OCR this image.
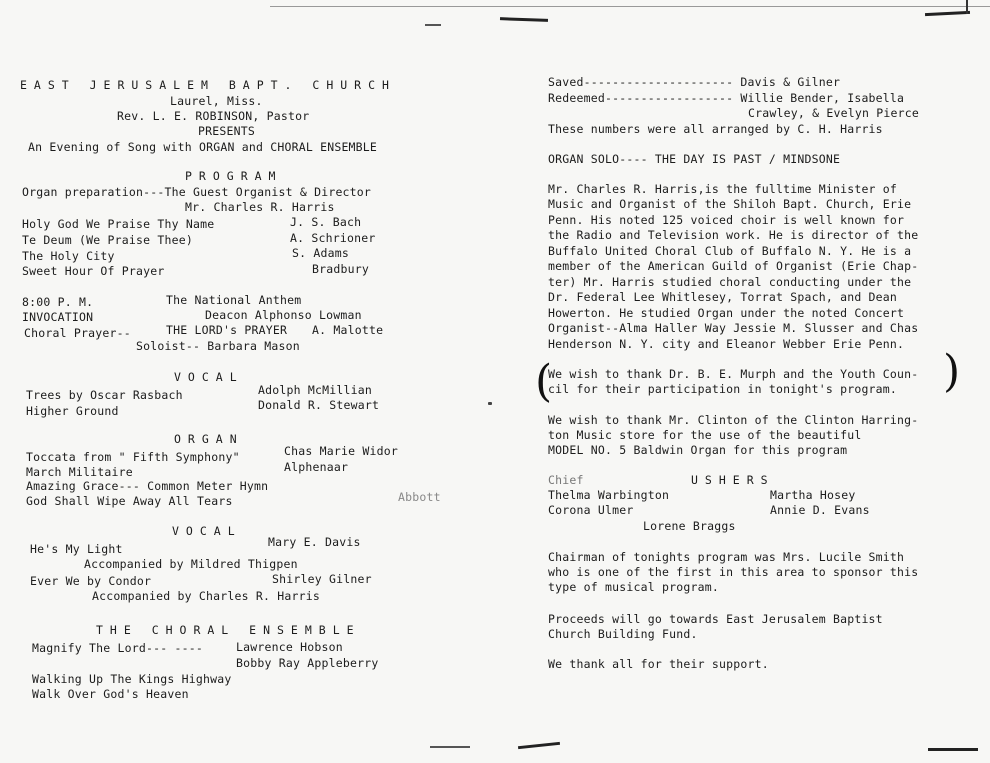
EAST JERUSALEM BAPT. CHURCH
Laurel, Miss.
Rev. L. E. ROBINSON, Pastor
PRESENTS
An Evening of Song with ORGAN and CHORAL ENSEMBLE
PROGRAM
Organ preparation---The Guest Organist & Director
Mr. Charles R. Harris
Holy God We Praise Thy Name	J. S. Bach
Te Deum (We Praise Thee)	A. Schrioner
The Holy City	S. Adams
Sweet Hour Of Prayer	Bradbury
8:00 P. M.	The National Anthem
INVOCATION	Deacon Alphonso Lowman
Choral Prayer--	THE LORD's PRAYER A. Malotte
Soloist-- Barbara Mason
VOCAL
Trees by Oscar Rasbach	Adolph McMillian
Higher Ground	Donald R. Stewart
ORGAN
Toccata from " Fifth Symphony"	Chas Marie Widor
March Militaire	Alphenaar
Amazing Grace--- Common Meter Hymn
God Shall Wipe Away All Tears	Abbott
VOCAL
Mary E. Davis
He's My Light
Accompanied by Mildred Thigpen
Ever We by Condor	Shirley Gilner
Accompanied by Charles R. Harris
THE CHORAL ENSEMBLE
Magnify The Lord--- ----	Lawrence Hobson
Bobby Ray Appleberry
Walking Up The Kings Highway
Walk Over God's Heaven
Saved--------------------- Davis & Gilner
Redeemed------------------ Willie Bender, Isabella
Crawley, & Evelyn Pierce
These numbers were all arranged by C. H. Harris
ORGAN SOLO---- THE DAY IS PAST / MINDSONE
Mr. Charles R. Harris,is the fulltime Minister of
Music and Organist of the Shiloh Bapt. Church, Erie
Penn. His noted 125 voiced choir is well known for
the Radio and Television work. He is director of the
Buffalo United Choral Club of Buffalo N. Y. He is a
member of the American Guild of Organist (Erie Chap-
ter) Mr. Harris studied choral conducting under the
Dr. Federal Lee Whitlesey, Torrat Spach, and Dean
Howerton. He studied Organ under the noted Concert
Organist--Alma Haller Way Jessie M. Slusser and Chas
Henderson N. Y. city and Eleanor Webber Erie Penn.
(
We wish to thank Dr. B. E. Murph and the Youth Coun-
cil for their participation in tonight's program. )
We wish to thank Mr. Clinton of the Clinton Harring-
ton Music store for the use of the beautiful
MODEL NO. 5 Baldwin Organ for this program
Chief	USHERS
Thelma Warbington	Martha Hosey
Corona Ulmer	Annie D. Evans
Lorene Braggs
Chairman of tonights program was Mrs. Lucile Smith
who is one of the first in this area to sponsor this
type of musical program.
Proceeds will go towards East Jerusalem Baptist
Church Building Fund.
We thank all for their support.
